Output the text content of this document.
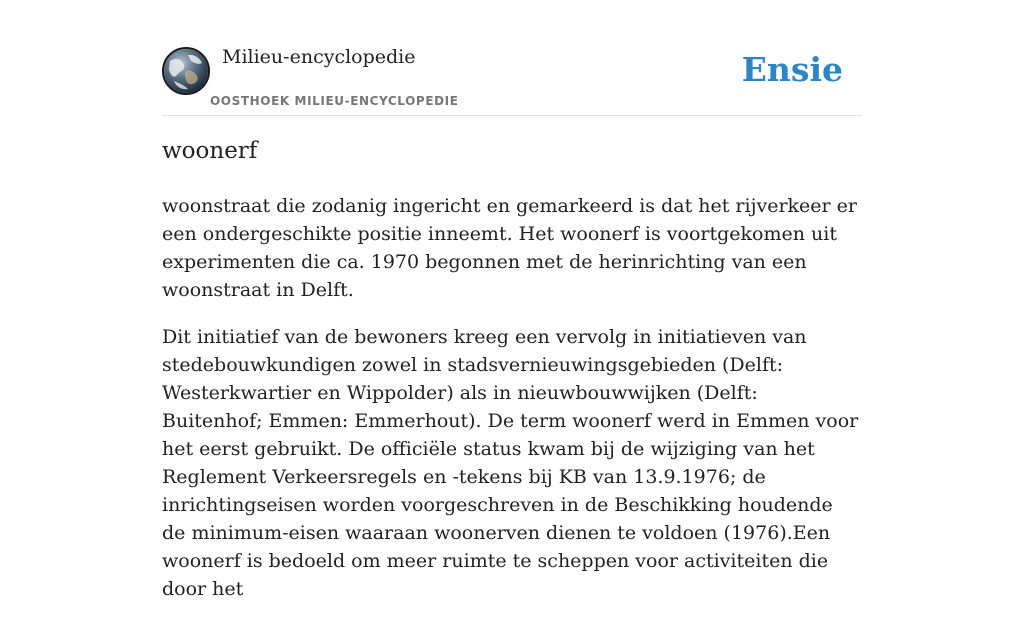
Milieu-encyclopedie
OOSTHOEK MILIEU-ENCYCLOPEDIE
Ensie
woonerf

woonstraat die zodanig ingericht en gemarkeerd is dat het rijverkeer er een ondergeschikte positie inneemt. Het woonerf is voortgekomen uit experimenten die ca. 1970 begonnen met de herinrichting van een woonstraat in Delft.

Dit initiatief van de bewoners kreeg een vervolg in initiatieven van stedebouwkundigen zowel in stadsvernieuwingsgebieden (Delft: Westerkwartier en Wippolder) als in nieuwbouwwijken (Delft: Buitenhof; Emmen: Emmerhout). De term woonerf werd in Emmen voor het eerst gebruikt. De officiële status kwam bij de wijziging van het Reglement Verkeersregels en -tekens bij KB van 13.9.1976; de inrichtingseisen worden voorgeschreven in de Beschikking houdende de minimum-eisen waaraan woonerven dienen te voldoen (1976).Een woonerf is bedoeld om meer ruimte te scheppen voor activiteiten die door het
